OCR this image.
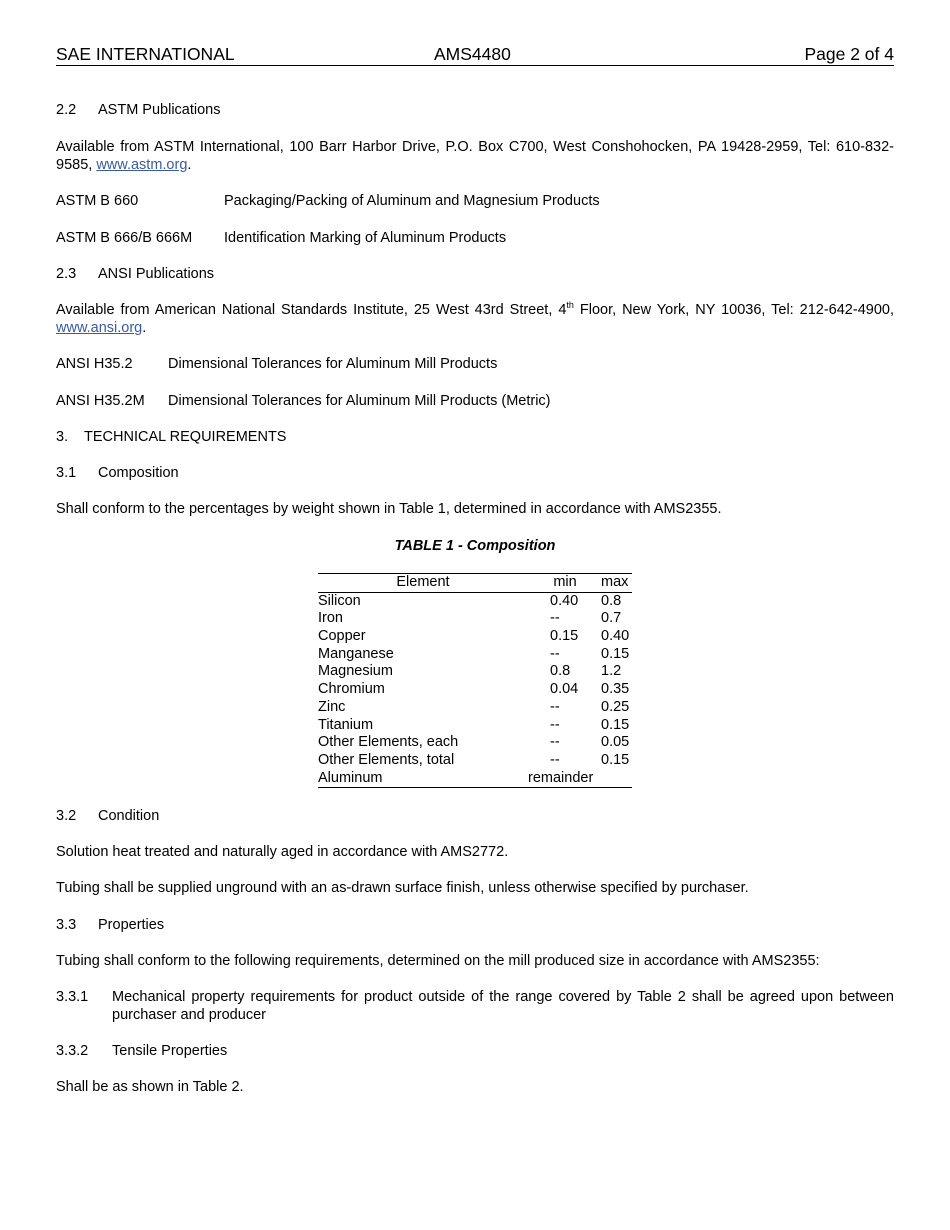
SAE INTERNATIONAL	AMS4480	Page 2 of 4
2.2 ASTM Publications
Available from ASTM International, 100 Barr Harbor Drive, P.O. Box C700, West Conshohocken, PA 19428-2959, Tel: 610-832-9585, www.astm.org.
ASTM B 660	Packaging/Packing of Aluminum and Magnesium Products
ASTM B 666/B 666M Identification Marking of Aluminum Products
2.3 ANSI Publications
Available from American National Standards Institute, 25 West 43rd Street, 4th Floor, New York, NY 10036, Tel: 212-642-4900, www.ansi.org.
ANSI H35.2 Dimensional Tolerances for Aluminum Mill Products
ANSI H35.2M Dimensional Tolerances for Aluminum Mill Products (Metric)
3. TECHNICAL REQUIREMENTS
3.1 Composition
Shall conform to the percentages by weight shown in Table 1, determined in accordance with AMS2355.
TABLE 1 - Composition
Element	min	max
Silicon	0.40 0.8
Iron	--	0.7
Copper	0.15 0.40
Manganese	--	0.15
Magnesium	0.8 1.2
Chromium	0.04 0.35
Zinc	--	0.25
Titanium	--	0.15
Other Elements, each	--	0.05
Other Elements, total	--	0.15
Aluminum	remainder
3.2 Condition
Solution heat treated and naturally aged in accordance with AMS2772.
Tubing shall be supplied unground with an as-drawn surface finish, unless otherwise specified by purchaser.
3.3 Properties
Tubing shall conform to the following requirements, determined on the mill produced size in accordance with AMS2355:
3.3.1 Mechanical property requirements for product outside of the range covered by Table 2 shall be agreed upon between purchaser and producer
3.3.2 Tensile Properties
Shall be as shown in Table 2.
